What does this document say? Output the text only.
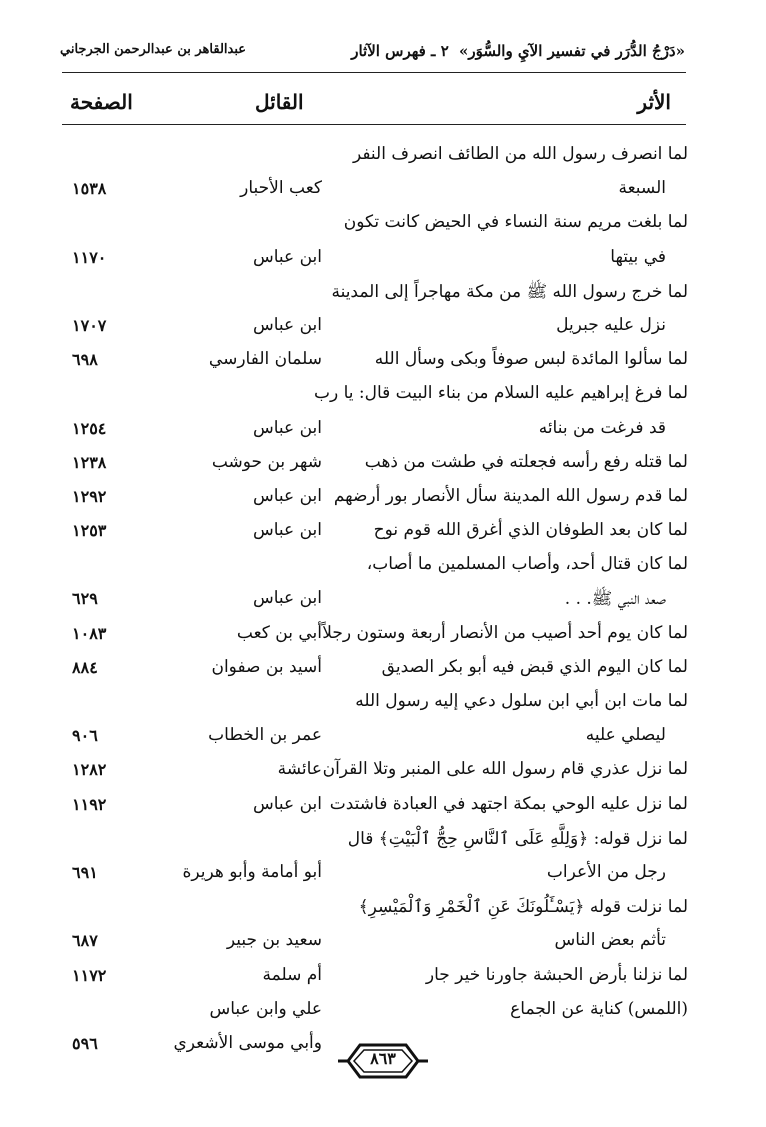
«دَرْجُ الدُّرَر في تفسير الآيِ والسُّوَر»
٢ ـ فهرس الآثار
عبدالقاهر بن عبدالرحمن الجرجاني
الأثر
القائل
الصفحة
لما انصرف رسول الله من الطائف انصرف النفر
السبعة
كعب الأحبار
١٥٣٨
لما بلغت مريم سنة النساء في الحيض كانت تكون
في بيتها
ابن عباس
١١٧٠
لما خرج رسول الله ﷺ من مكة مهاجراً إلى المدينة
نزل عليه جبريل
ابن عباس
١٧٠٧
لما سألوا المائدة لبس صوفاً وبكى وسأل الله
سلمان الفارسي
٦٩٨
لما فرغ إبراهيم عليه السلام من بناء البيت قال: يا رب
قد فرغت من بنائه
ابن عباس
١٢٥٤
لما قتله رفع رأسه فجعلته في طشت من ذهب
شهر بن حوشب
١٢٣٨
لما قدم رسول الله المدينة سأل الأنصار بور أرضهم
ابن عباس
١٢٩٢
لما كان بعد الطوفان الذي أغرق الله قوم نوح
ابن عباس
١٢٥٣
لما كان قتال أحد، وأصاب المسلمين ما أصاب،
صعد النبي ﷺ. . .
ابن عباس
٦٢٩
لما كان يوم أحد أصيب من الأنصار أربعة وستون رجلاً
أبي بن كعب
١٠٨٣
لما كان اليوم الذي قبض فيه أبو بكر الصديق
أسيد بن صفوان
٨٨٤
لما مات ابن أبي ابن سلول دعي إليه رسول الله
ليصلي عليه
عمر بن الخطاب
٩٠٦
لما نزل عذري قام رسول الله على المنبر وتلا القرآن
عائشة
١٢٨٢
لما نزل عليه الوحي بمكة اجتهد في العبادة فاشتدت
ابن عباس
١١٩٢
لما نزل قوله: ﴿وَلِلَّهِ عَلَى ٱلنَّاسِ حِجُّ ٱلْبَيْتِ﴾ قال
رجل من الأعراب
أبو أمامة وأبو هريرة
٦٩١
لما نزلت قوله ﴿يَسْـَٔلُونَكَ عَنِ ٱلْخَمْرِ وَٱلْمَيْسِرِ﴾
تأثم بعض الناس
سعيد بن جبير
٦٨٧
لما نزلنا بأرض الحبشة جاورنا خير جار
أم سلمة
١١٧٢
(اللمس) كناية عن الجماع
علي وابن عباس
وأبي موسى الأشعري
٥٩٦
٨٦٣
